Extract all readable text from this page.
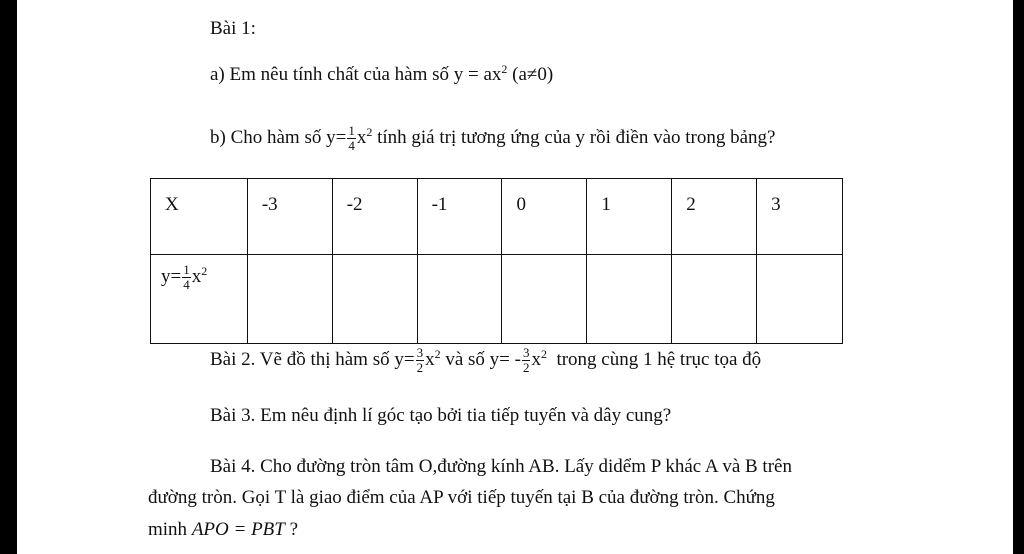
Bài 1:
a) Em nêu tính chất của hàm số $y = ax^2$ (a≠0)
b) Cho hàm số $y= \frac{1}{4} x^2$ tính giá trị tương ứng của y rồi điền vào trong bảng?
X	-3	-2	-1	0	1	2	3
$y= \frac{1}{4} x^2$							
Bài 2. Vẽ đồ thị hàm số $y= \frac{3}{2} x^2$ và số $y= - \frac{3}{2} x^2$  trong cùng 1 hệ trục tọa độ
Bài 3. Em nêu định lí góc tạo bởi tia tiếp tuyến và dây cung?
Bài 4. Cho đường tròn tâm O,đường kính AB. Lấy didểm P khác A và B trên
đường tròn. Gọi T là giao điểm của AP với tiếp tuyến tại B của đường tròn. Chứng
minh APO = PBT ?
